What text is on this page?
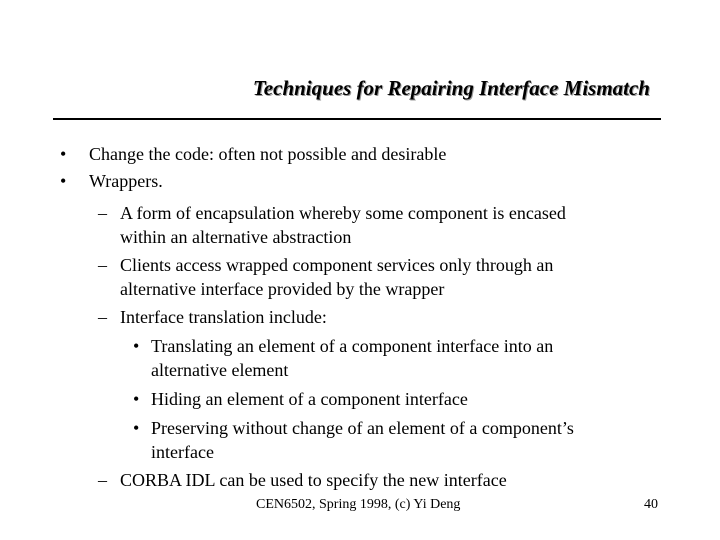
Techniques for Repairing Interface Mismatch
• Change the code: often not possible and desirable
• Wrappers.
– A form of encapsulation whereby some component is encased
within an alternative abstraction
– Clients access wrapped component services only through an
alternative interface provided by the wrapper
– Interface translation include:
• Translating an element of a component interface into an
alternative element
• Hiding an element of a component interface
• Preserving without change of an element of a component’s
interface
– CORBA IDL can be used to specify the new interface
CEN6502, Spring 1998, (c) Yi Deng	40
